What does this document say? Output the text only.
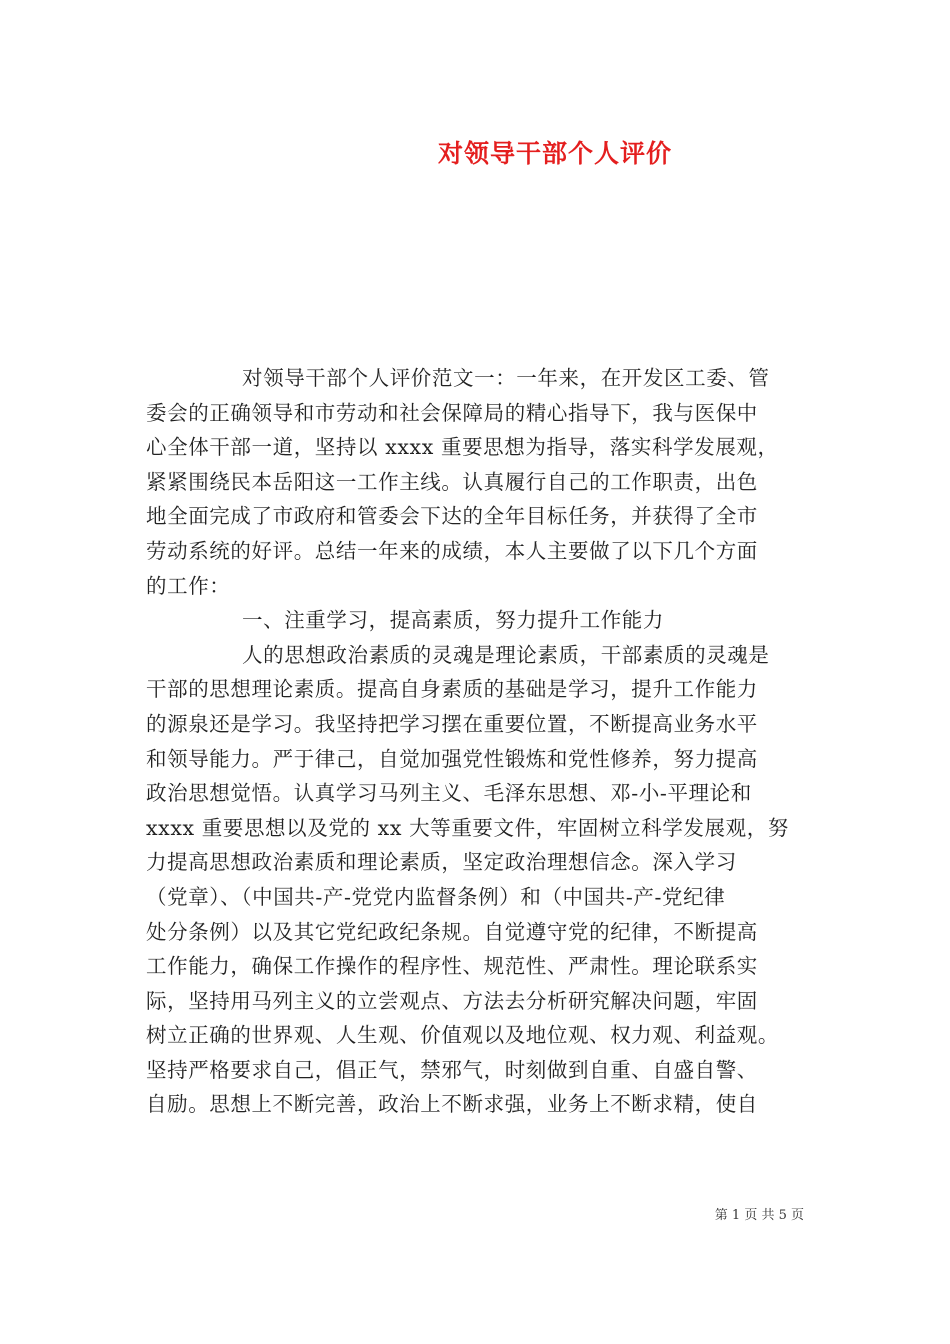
对领导干部个人评价
对领导干部个人评价范文一：一年来，在开发区工委、管
委会的正确领导和市劳动和社会保障局的精心指导下，我与医保中
心全体干部一道，坚持以 xxxx 重要思想为指导，落实科学发展观，
紧紧围绕民本岳阳这一工作主线。认真履行自己的工作职责，出色
地全面完成了市政府和管委会下达的全年目标任务，并获得了全市
劳动系统的好评。总结一年来的成绩，本人主要做了以下几个方面
的工作：
一、注重学习，提高素质，努力提升工作能力
人的思想政治素质的灵魂是理论素质，干部素质的灵魂是
干部的思想理论素质。提高自身素质的基础是学习，提升工作能力
的源泉还是学习。我坚持把学习摆在重要位置，不断提高业务水平
和领导能力。严于律己，自觉加强党性锻炼和党性修养，努力提高
政治思想觉悟。认真学习马列主义、毛泽东思想、邓-小-平理论和
xxxx 重要思想以及党的 xx 大等重要文件，牢固树立科学发展观，努
力提高思想政治素质和理论素质，坚定政治理想信念。深入学习
（党章）、（中国共-产-党党内监督条例）和（中国共-产-党纪律
处分条例）以及其它党纪政纪条规。自觉遵守党的纪律，不断提高
工作能力，确保工作操作的程序性、规范性、严肃性。理论联系实
际，坚持用马列主义的立尝观点、方法去分析研究解决问题，牢固
树立正确的世界观、人生观、价值观以及地位观、权力观、利益观。
坚持严格要求自己，倡正气，禁邪气，时刻做到自重、自盛自警、
自励。思想上不断完善，政治上不断求强，业务上不断求精，使自
第 1 页 共 5 页
